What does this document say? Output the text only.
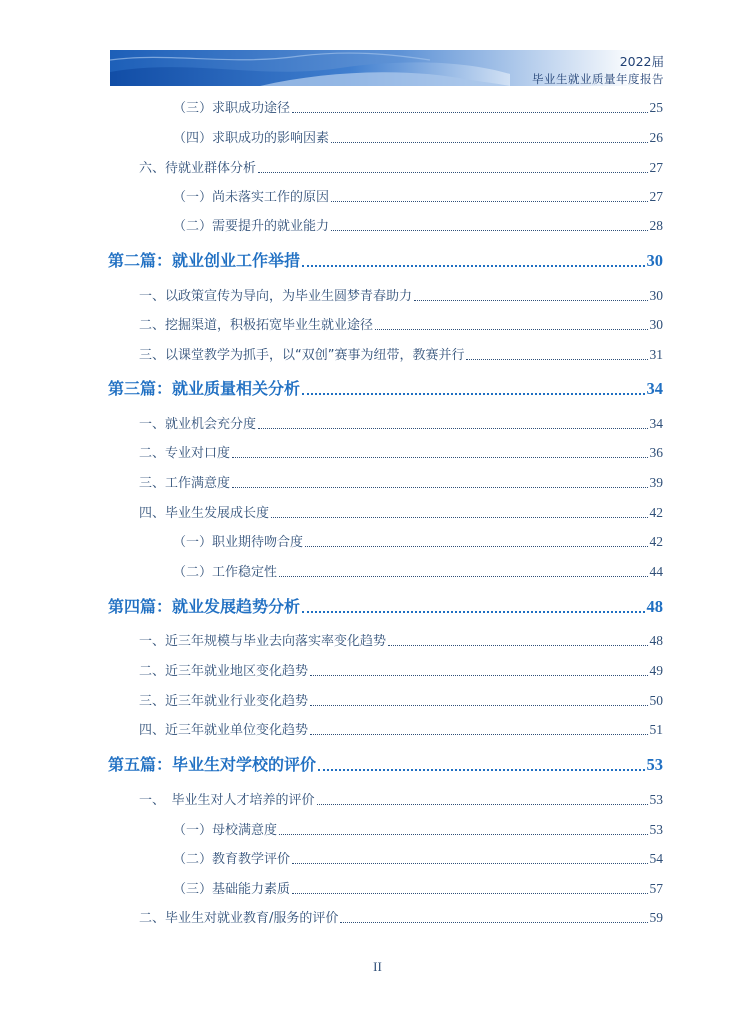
2022届
毕业生就业质量年度报告
（三）求职成功途径	25
（四）求职成功的影响因素	26
六、待就业群体分析	27
（一）尚未落实工作的原因	27
（二）需要提升的就业能力	28
第二篇：就业创业工作举措	30
一、以政策宣传为导向，为毕业生圆梦青春助力	30
二、挖掘渠道，积极拓宽毕业生就业途径	30
三、以课堂教学为抓手，以“双创”赛事为纽带，教赛并行	31
第三篇：就业质量相关分析	34
一、就业机会充分度	34
二、专业对口度	36
三、工作满意度	39
四、毕业生发展成长度	42
（一）职业期待吻合度	42
（二）工作稳定性	44
第四篇：就业发展趋势分析	48
一、近三年规模与毕业去向落实率变化趋势	48
二、近三年就业地区变化趋势	49
三、近三年就业行业变化趋势	50
四、近三年就业单位变化趋势	51
第五篇：毕业生对学校的评价	53
一、　毕业生对人才培养的评价	53
（一）母校满意度	53
（二）教育教学评价	54
（三）基础能力素质	57
二、毕业生对就业教育/服务的评价	59
II
